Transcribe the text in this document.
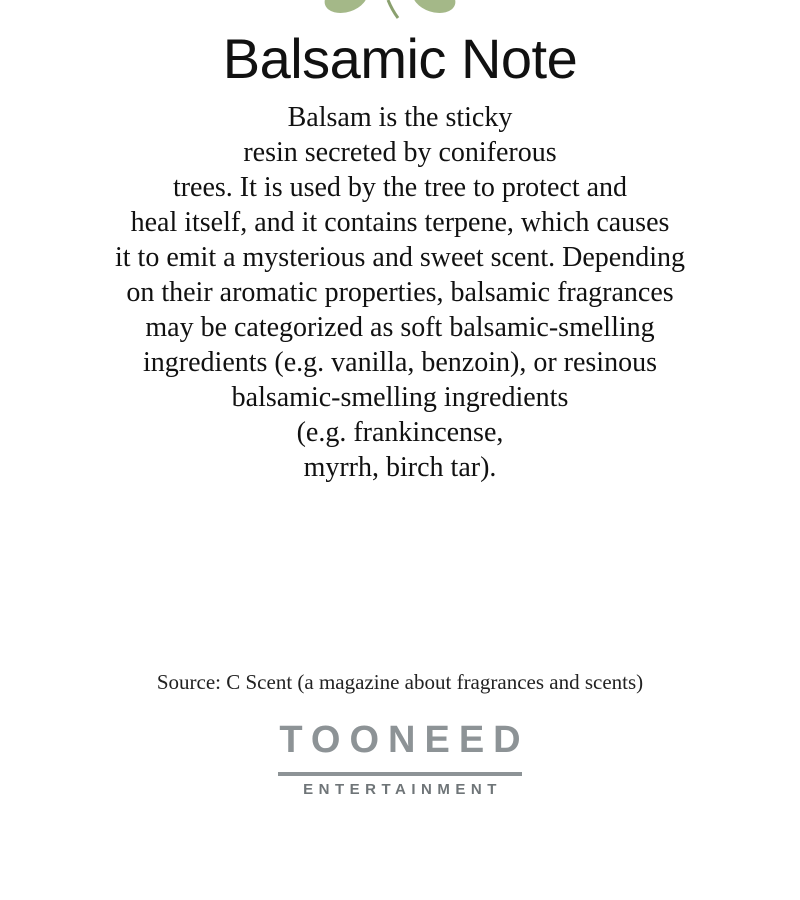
Balsamic Note
Balsam is the sticky
resin secreted by coniferous
trees. It is used by the tree to protect and
heal itself, and it contains terpene, which causes
it to emit a mysterious and sweet scent. Depending
on their aromatic properties, balsamic fragrances
may be categorized as soft balsamic-smelling
ingredients (e.g. vanilla, benzoin), or resinous
balsamic-smelling ingredients
(e.g. frankincense,
myrrh, birch tar).
Source: C Scent (a magazine about fragrances and scents)
TOONEED
ENTERTAINMENT
